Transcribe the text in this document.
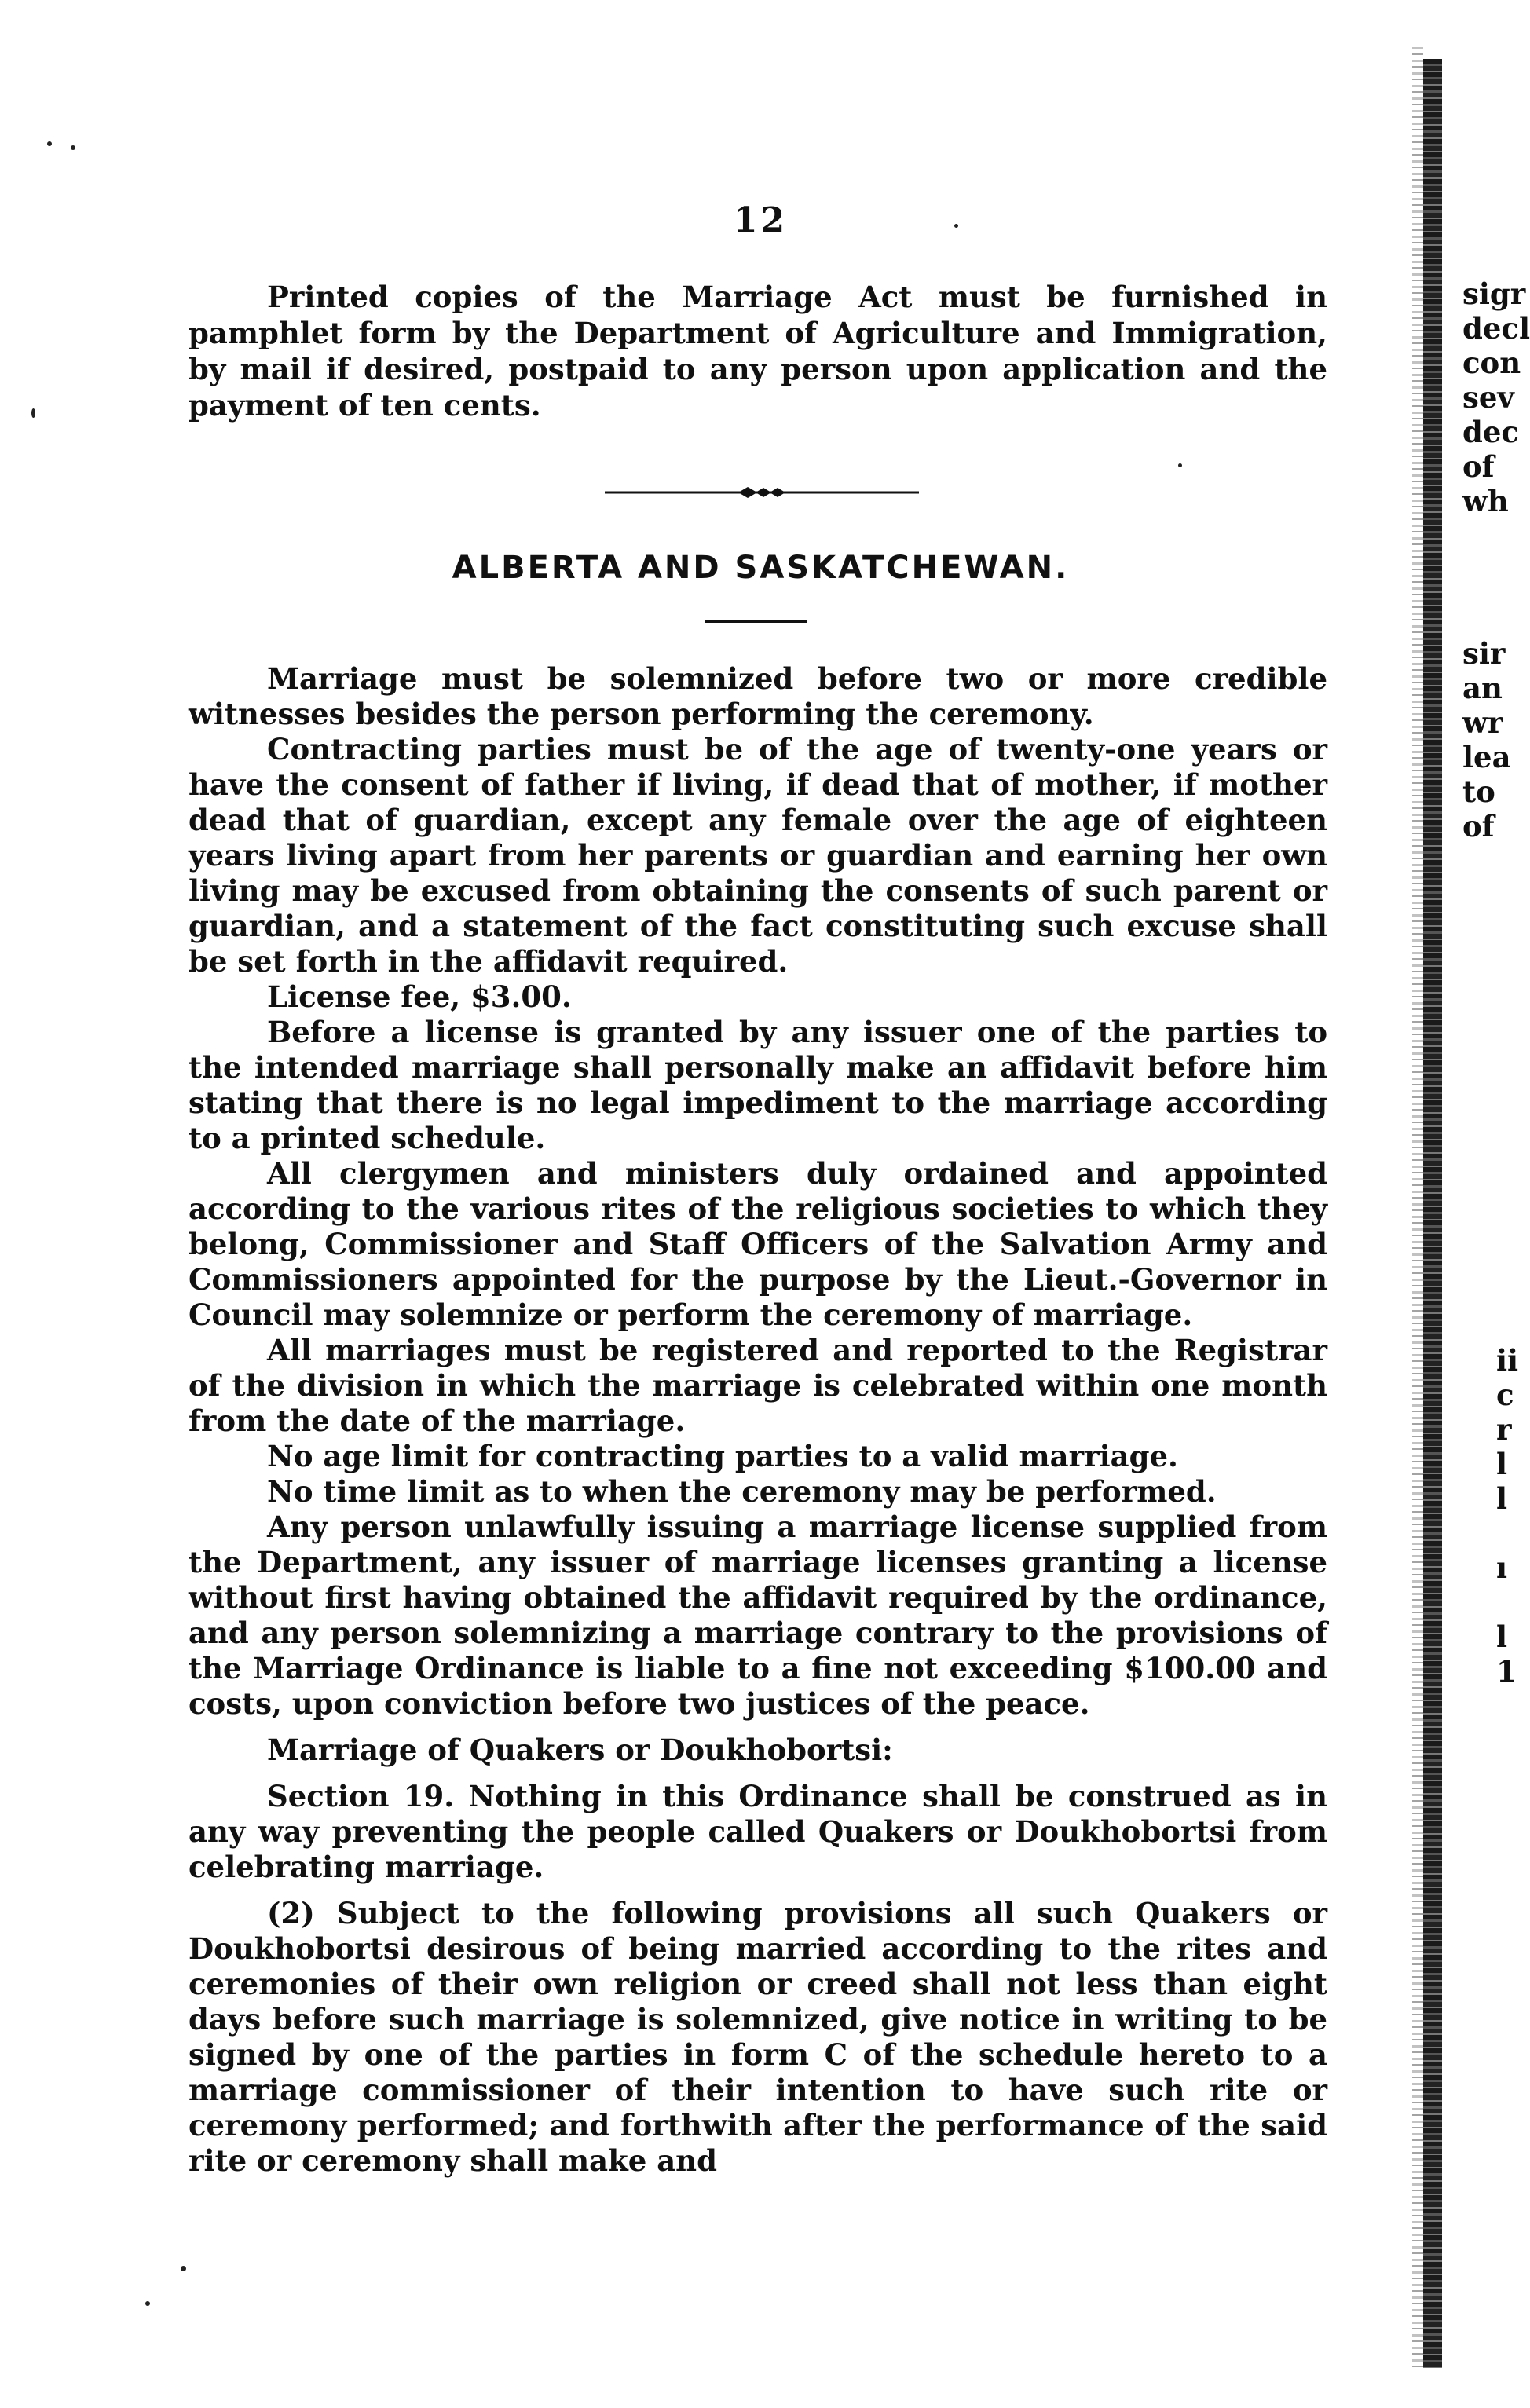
12
Printed copies of the Marriage Act must be furnished in pamphlet form by the Department of Agriculture and Immigration, by mail if desired, postpaid to any person upon application and the payment of ten cents.
ALBERTA AND SASKATCHEWAN.

Marriage must be solemnized before two or more credible witnesses besides the person performing the ceremony.

Contracting parties must be of the age of twenty-one years or have the consent of father if living, if dead that of mother, if mother dead that of guardian, except any female over the age of eighteen years living apart from her parents or guardian and earning her own living may be excused from obtaining the consents of such parent or guardian, and a statement of the fact constituting such excuse shall be set forth in the affidavit required.

License fee, $3.00.

Before a license is granted by any issuer one of the parties to the intended marriage shall personally make an affidavit before him stating that there is no legal impediment to the marriage according to a printed schedule.

All clergymen and ministers duly ordained and appointed according to the various rites of the religious societies to which they belong, Commissioner and Staff Officers of the Salvation Army and Commissioners appointed for the purpose by the Lieut.-Governor in Council may solemnize or perform the ceremony of marriage.

All marriages must be registered and reported to the Registrar of the division in which the marriage is celebrated within one month from the date of the marriage.

No age limit for contracting parties to a valid marriage.

No time limit as to when the ceremony may be performed.

Any person unlawfully issuing a marriage license supplied from the Department, any issuer of marriage licenses granting a license without first having obtained the affidavit required by the ordinance, and any person solemnizing a marriage contrary to the provisions of the Marriage Ordinance is liable to a fine not exceeding $100.00 and costs, upon conviction before two justices of the peace.

Marriage of Quakers or Doukhobortsi:

Section 19. Nothing in this Ordinance shall be construed as in any way preventing the people called Quakers or Doukhobortsi from celebrating marriage.

(2) Subject to the following provisions all such Quakers or Doukhobortsi desirous of being married according to the rites and ceremonies of their own religion or creed shall not less than eight days before such marriage is solemnized, give notice in writing to be signed by one of the parties in form C of the schedule hereto to a marriage commissioner of their intention to have such rite or ceremony performed; and forthwith after the performance of the said rite or ceremony shall make and

sigr
decl
con
sev
dec
of
wh
sir
an
wr
lea
to
of
ii
c
r
l
l
ı
l
1
